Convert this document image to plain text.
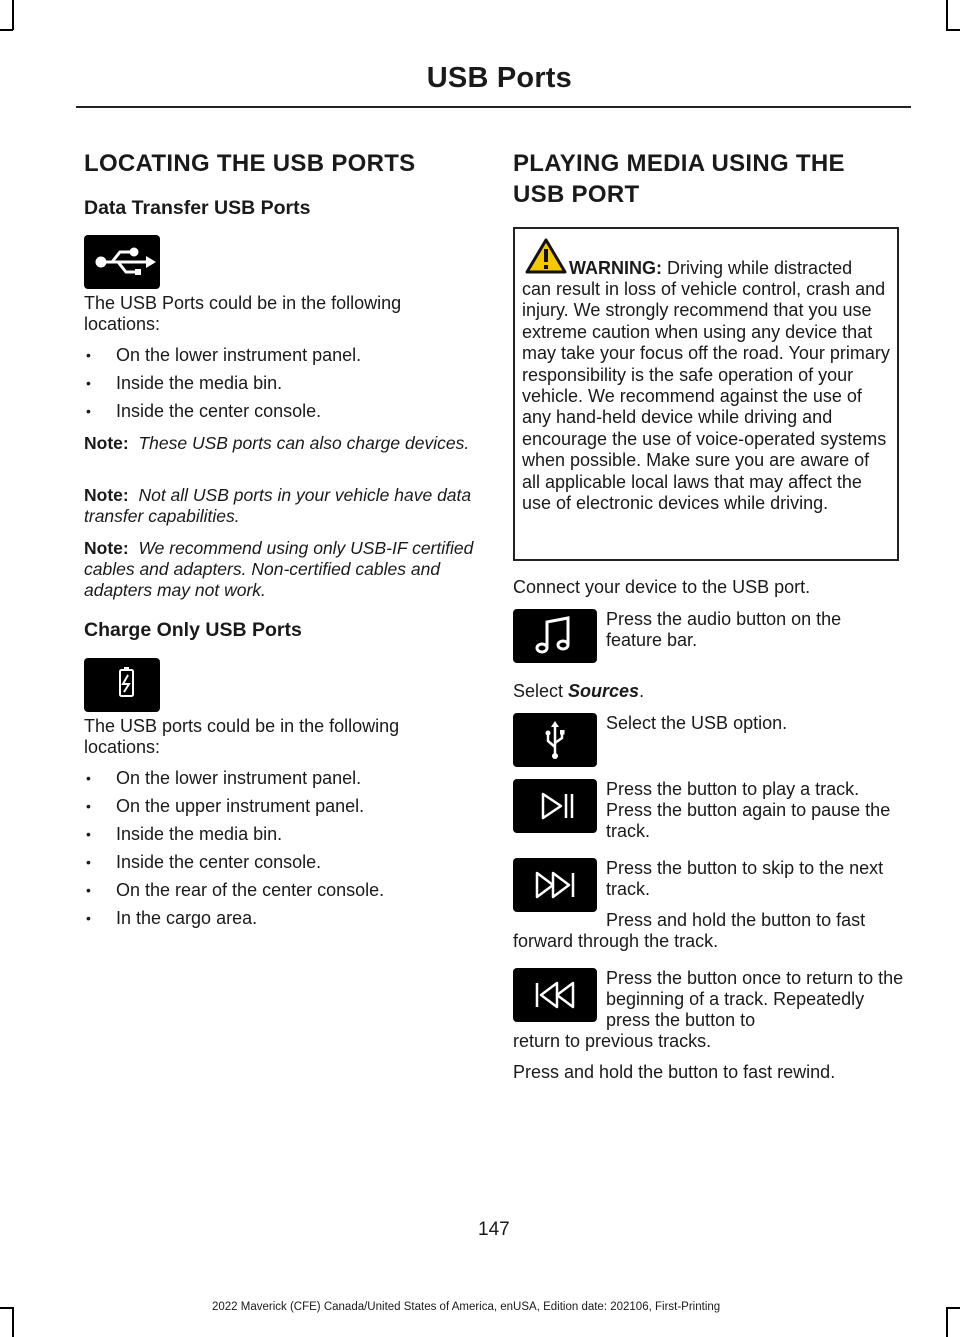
USB Ports
LOCATING THE USB PORTS
Data Transfer USB Ports

The USB Ports could be in the following locations:

• On the lower instrument panel.
• Inside the media bin.
• Inside the center console.

Note: These USB ports can also charge devices.

Note: Not all USB ports in your vehicle have data transfer capabilities.

Note: We recommend using only USB-IF certified cables and adapters. Non-certified cables and adapters may not work.

Charge Only USB Ports

The USB ports could be in the following locations:

• On the lower instrument panel.
• On the upper instrument panel.
• Inside the media bin.
• Inside the center console.
• On the rear of the center console.
• In the cargo area.
PLAYING MEDIA USING THE
USB PORT
WARNING: Driving while distracted
can result in loss of vehicle control, crash and injury. We strongly recommend that you use extreme caution when using any device that may take your focus off the road. Your primary responsibility is the safe operation of your vehicle. We recommend against the use of any hand-held device while driving and encourage the use of voice-operated systems when possible. Make sure you are aware of all applicable local laws that may affect the use of electronic devices while driving.

Connect your device to the USB port.

Press the audio button on the feature bar.

Select Sources.

Select the USB option.

Press the button to play a track. Press the button again to pause the track.

Press the button to skip to the next track.

Press and hold the button to fast

forward through the track.

Press the button once to return to the beginning of a track. Repeatedly press the button to

return to previous tracks.

Press and hold the button to fast rewind.

147
2022 Maverick (CFE) Canada/United States of America, enUSA, Edition date: 202106, First-Printing
